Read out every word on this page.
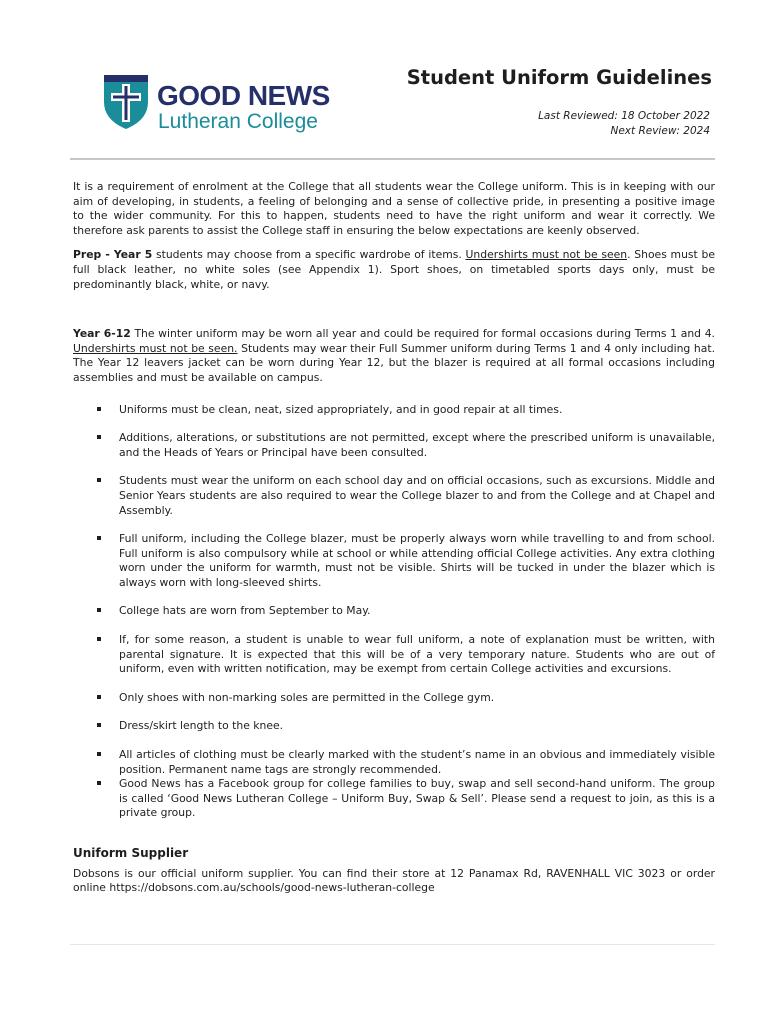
GOOD NEWS
Lutheran College
Student Uniform Guidelines
Last Reviewed: 18 October 2022
Next Review: 2024

It is a requirement of enrolment at the College that all students wear the College uniform. This is in keeping with our aim of developing, in students, a feeling of belonging and a sense of collective pride, in presenting a positive image to the wider community. For this to happen, students need to have the right uniform and wear it correctly. We therefore ask parents to assist the College staff in ensuring the below expectations are keenly observed.

Prep - Year 5 students may choose from a specific wardrobe of items. Undershirts must not be seen. Shoes must be full black leather, no white soles (see Appendix 1). Sport shoes, on timetabled sports days only, must be predominantly black, white, or navy.

Year 6-12 The winter uniform may be worn all year and could be required for formal occasions during Terms 1 and 4. Undershirts must not be seen. Students may wear their Full Summer uniform during Terms 1 and 4 only including hat. The Year 12 leavers jacket can be worn during Year 12, but the blazer is required at all formal occasions including assemblies and must be available on campus.

Uniforms must be clean, neat, sized appropriately, and in good repair at all times.
Additions, alterations, or substitutions are not permitted, except where the prescribed uniform is unavailable, and the Heads of Years or Principal have been consulted.
Students must wear the uniform on each school day and on official occasions, such as excursions. Middle and Senior Years students are also required to wear the College blazer to and from the College and at Chapel and Assembly.
Full uniform, including the College blazer, must be properly always worn while travelling to and from school. Full uniform is also compulsory while at school or while attending official College activities. Any extra clothing worn under the uniform for warmth, must not be visible. Shirts will be tucked in under the blazer which is always worn with long-sleeved shirts.
College hats are worn from September to May.
If, for some reason, a student is unable to wear full uniform, a note of explanation must be written, with parental signature. It is expected that this will be of a very temporary nature. Students who are out of uniform, even with written notification, may be exempt from certain College activities and excursions.
Only shoes with non-marking soles are permitted in the College gym.
Dress/skirt length to the knee.
All articles of clothing must be clearly marked with the student’s name in an obvious and immediately visible position. Permanent name tags are strongly recommended.
Good News has a Facebook group for college families to buy, swap and sell second-hand uniform. The group is called ‘Good News Lutheran College – Uniform Buy, Swap & Sell’. Please send a request to join, as this is a private group.
Uniform Supplier

Dobsons is our official uniform supplier. You can find their store at 12 Panamax Rd, RAVENHALL VIC 3023 or order online https://dobsons.com.au/schools/good-news-lutheran-college
